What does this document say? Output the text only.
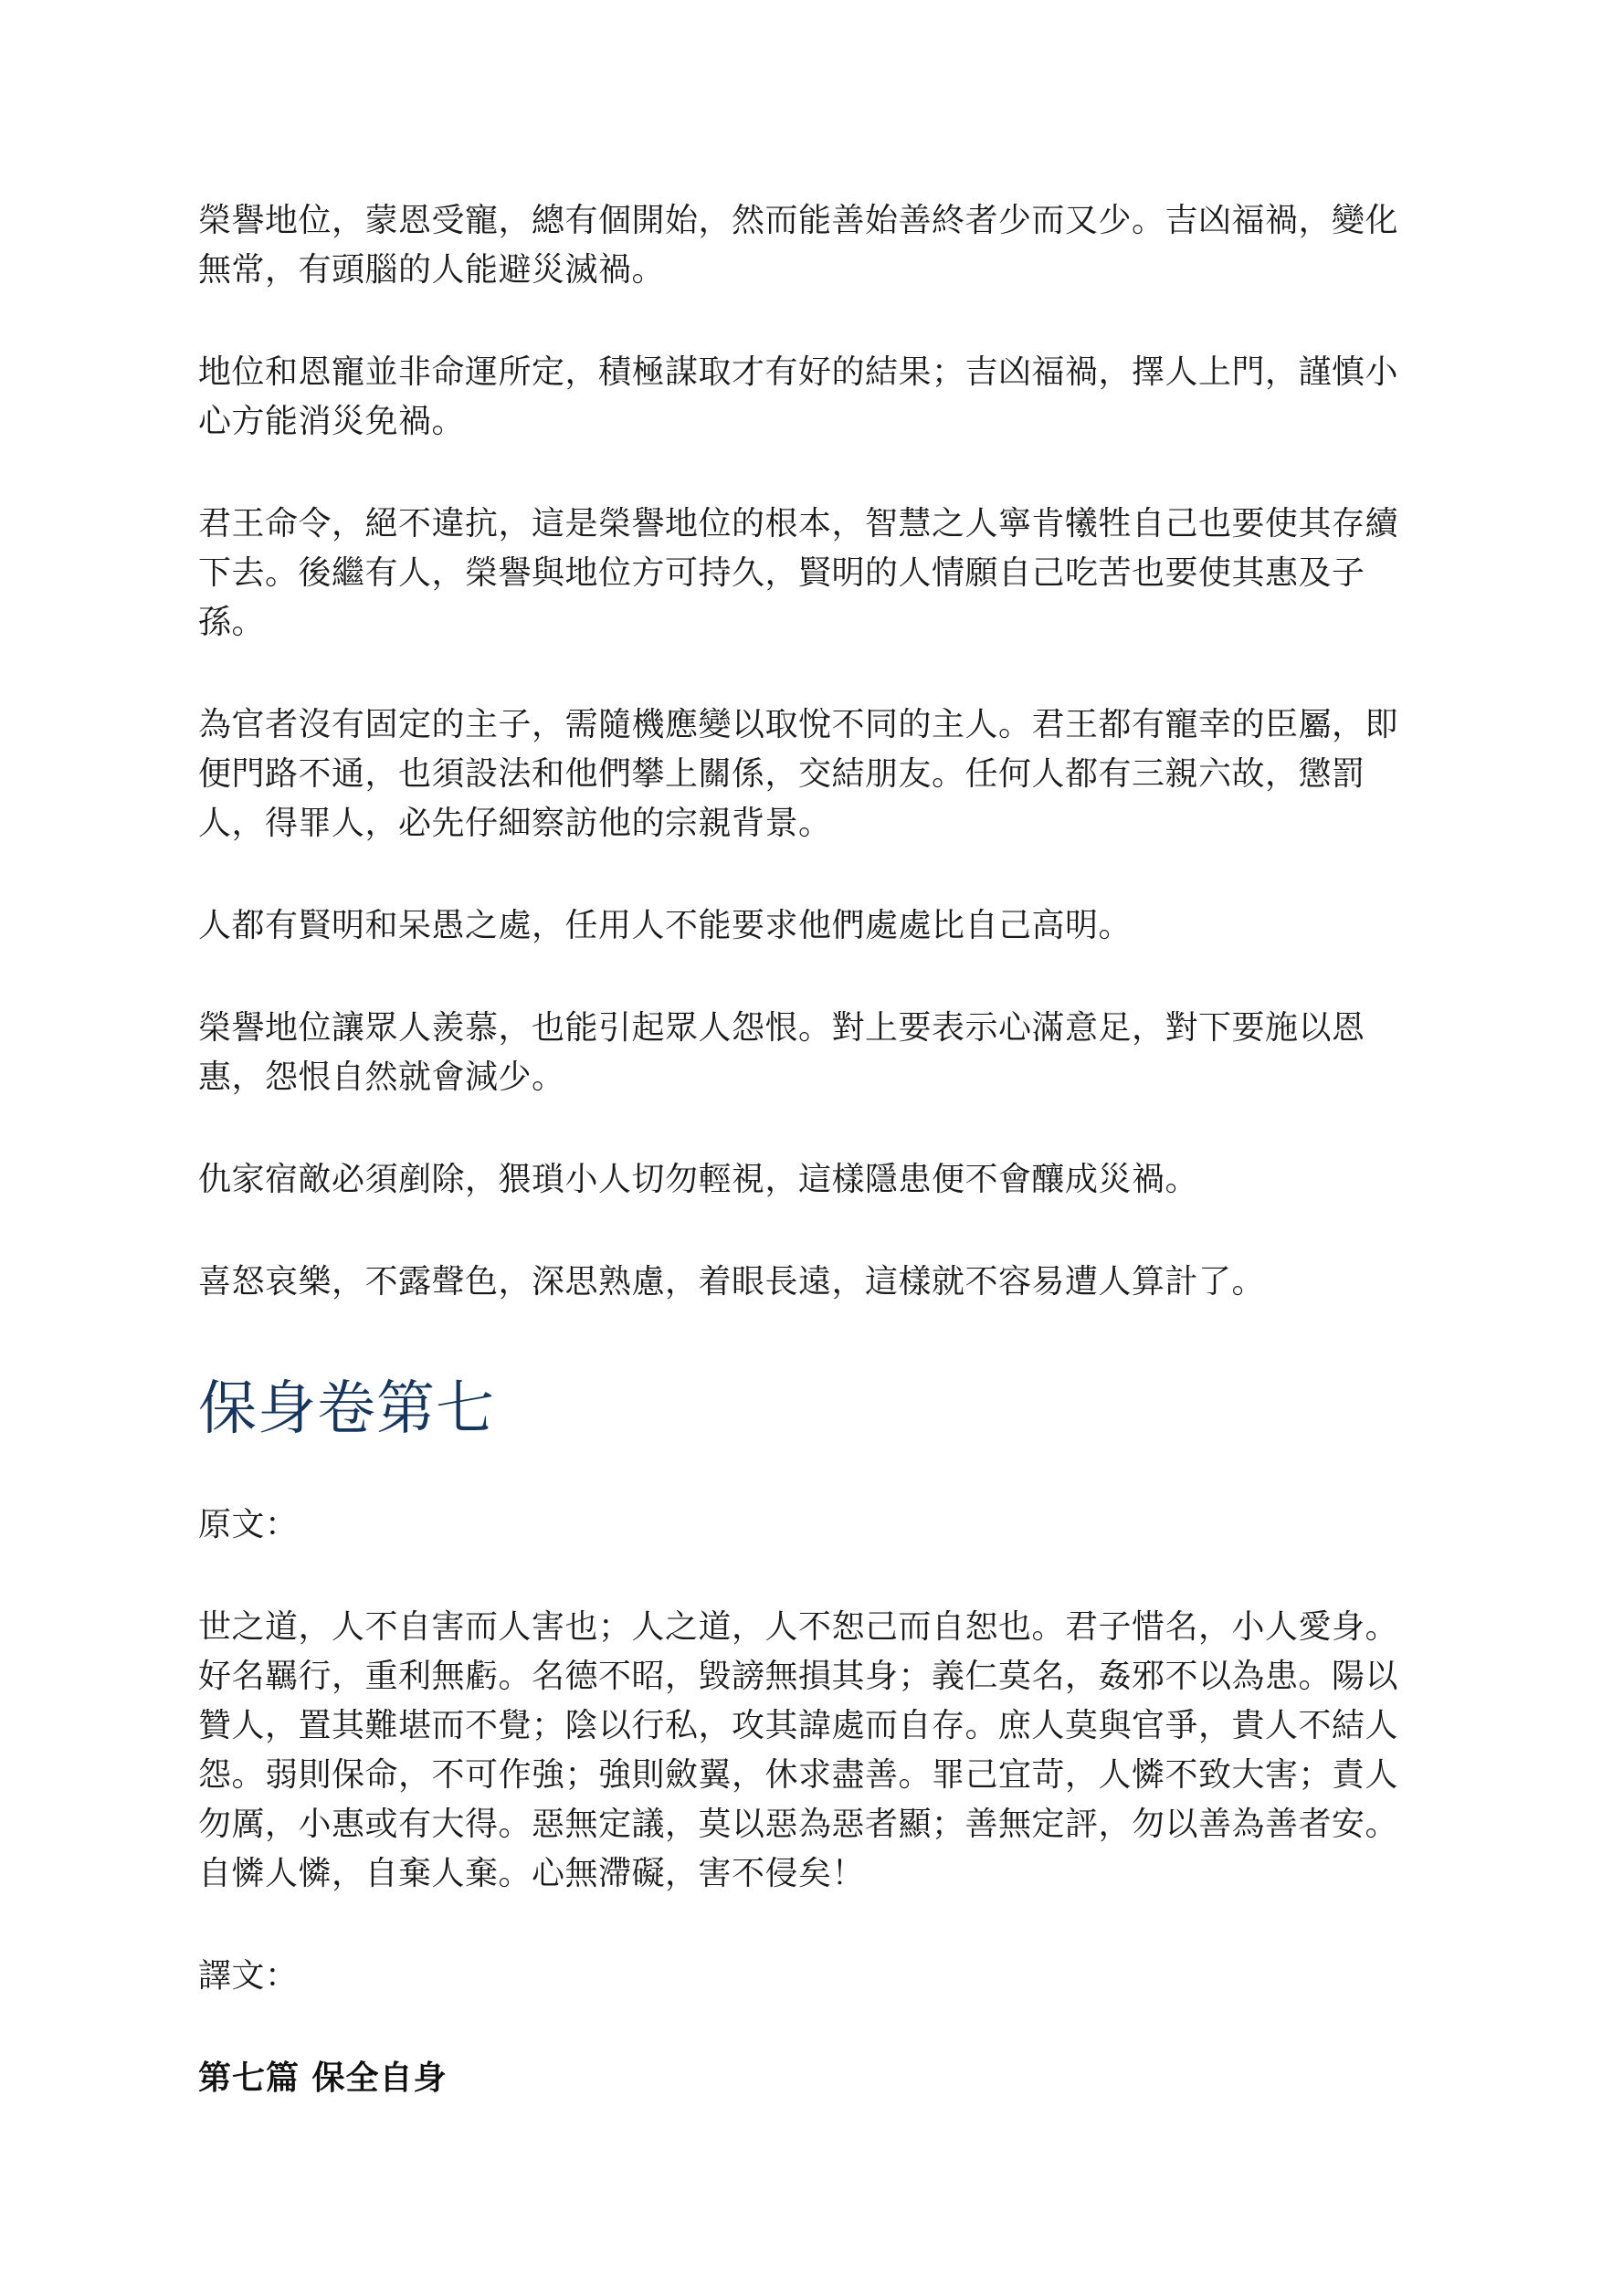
榮譽地位，蒙恩受寵，總有個開始，然而能善始善終者少而又少。吉凶福禍，變化無常，有頭腦的人能避災滅禍。

地位和恩寵並非命運所定，積極謀取才有好的結果；吉凶福禍，擇人上門，謹慎小心方能消災免禍。

君王命令，絕不違抗，這是榮譽地位的根本，智慧之人寧肯犧牲自己也要使其存續下去。後繼有人，榮譽與地位方可持久，賢明的人情願自己吃苦也要使其惠及子孫。

為官者沒有固定的主子，需隨機應變以取悅不同的主人。君王都有寵幸的臣屬，即便門路不通，也須設法和他們攀上關係，交結朋友。任何人都有三親六故，懲罰人，得罪人，必先仔細察訪他的宗親背景。

人都有賢明和呆愚之處，任用人不能要求他們處處比自己高明。

榮譽地位讓眾人羨慕，也能引起眾人怨恨。對上要表示心滿意足，對下要施以恩惠，怨恨自然就會減少。

仇家宿敵必須剷除，猥瑣小人切勿輕視，這樣隱患便不會釀成災禍。

喜怒哀樂，不露聲色，深思熟慮，着眼長遠，這樣就不容易遭人算計了。

保身卷第七

原文：

世之道，人不自害而人害也；人之道，人不恕己而自恕也。君子惜名，小人愛身。好名羈行，重利無虧。名德不昭，毀謗無損其身；義仁莫名，姦邪不以為患。陽以贊人，置其難堪而不覺；陰以行私，攻其諱處而自存。庶人莫與官爭，貴人不結人怨。弱則保命，不可作強；強則斂翼，休求盡善。罪己宜苛，人憐不致大害；責人勿厲，小惠或有大得。惡無定議，莫以惡為惡者顯；善無定評，勿以善為善者安。自憐人憐，自棄人棄。心無滯礙，害不侵矣！

譯文：

第七篇 保全自身
